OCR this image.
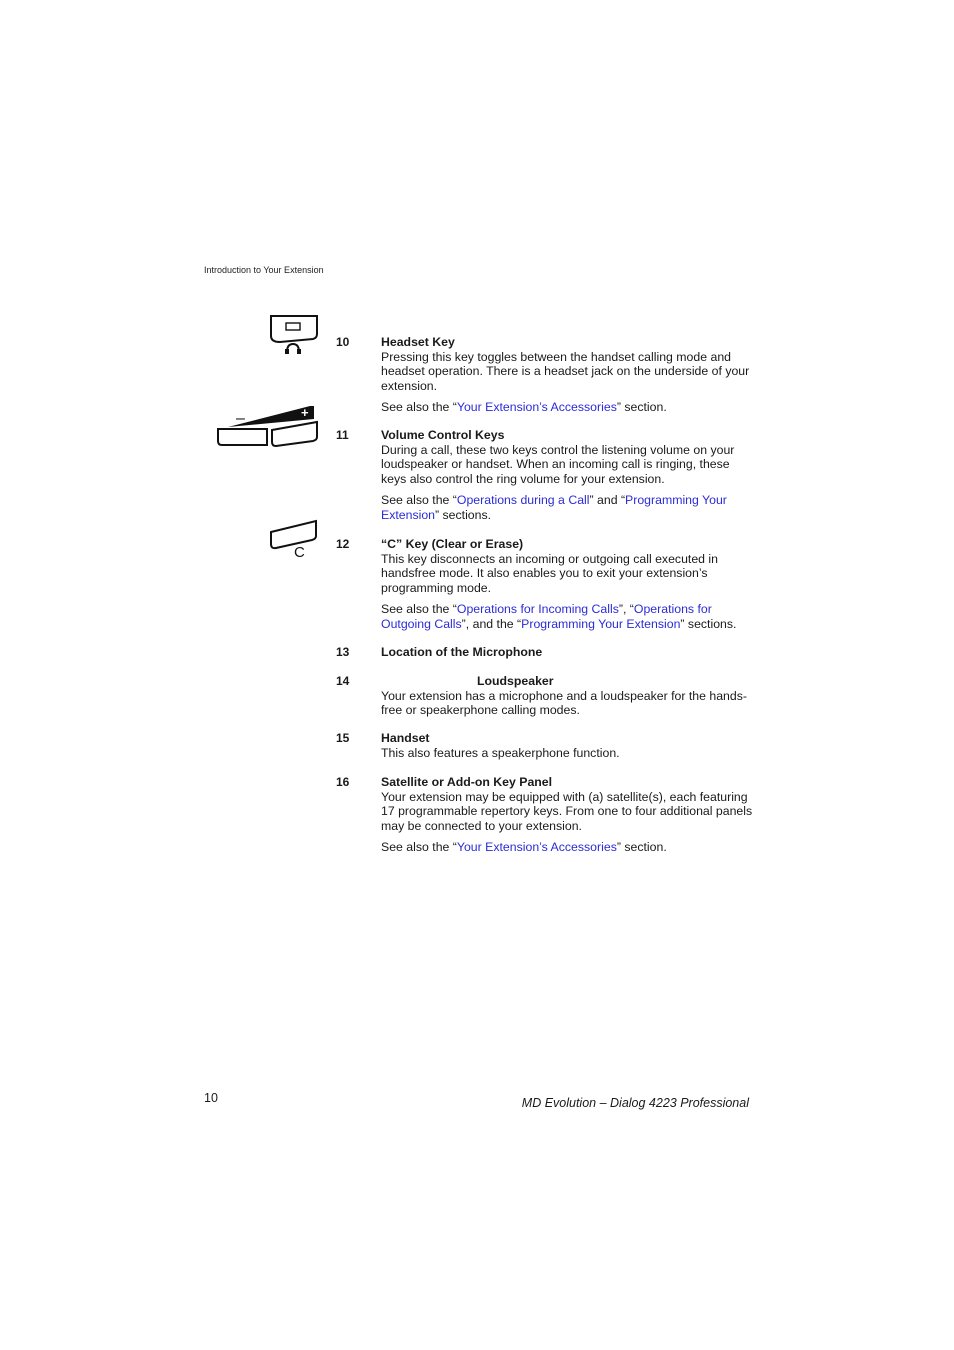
Introduction to Your Extension
–	+
C
10	Headset Key
Pressing this key toggles between the handset calling mode and headset operation. There is a headset jack on the underside of your extension.
See also the “Your Extension’s Accessories” section.
11	Volume Control Keys
During a call, these two keys control the listening volume on your loudspeaker or handset. When an incoming call is ringing, these keys also control the ring volume for your extension.
See also the “Operations during a Call” and “Programming Your Extension” sections.
12	“C” Key (Clear or Erase)
This key disconnects an incoming or outgoing call executed in handsfree mode. It also enables you to exit your extension’s programming mode.
See also the “Operations for Incoming Calls”, “Operations for Outgoing Calls”, and the “Programming Your Extension” sections.
13	Location of the Microphone
14	Loudspeaker
Your extension has a microphone and a loudspeaker for the hands-free or speakerphone calling modes.
15	Handset
This also features a speakerphone function.
16	Satellite or Add-on Key Panel
Your extension may be equipped with (a) satellite(s), each featuring 17 programmable repertory keys. From one to four additional panels may be connected to your extension.
See also the “Your Extension’s Accessories” section.
10	MD Evolution – Dialog 4223 Professional
